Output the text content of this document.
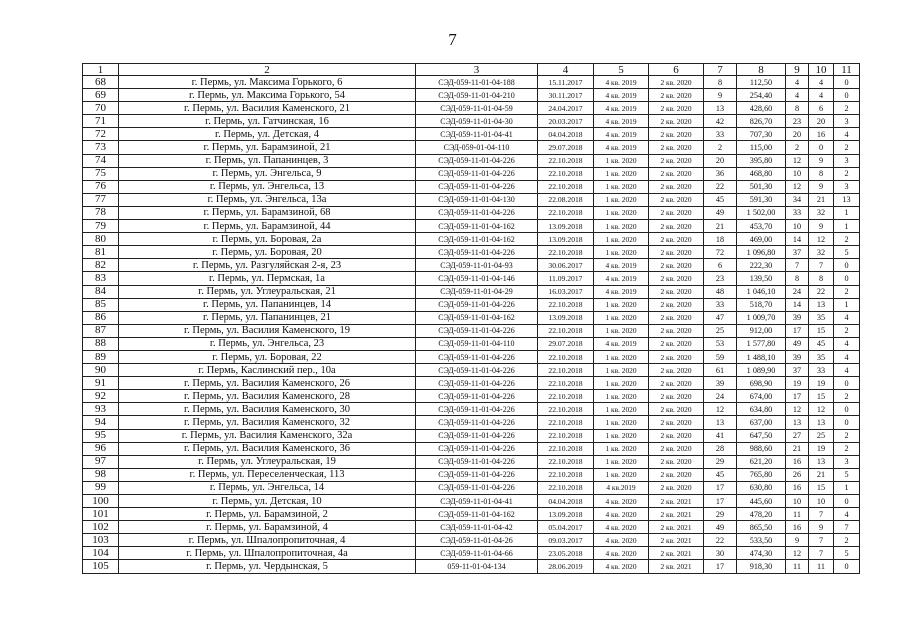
7
1	2	3	4	5	6	7	8	9	10	11
68	г. Пермь, ул. Максима Горького, 6	СЭД-059-11-01-04-188	15.11.2017	4 кв. 2019	2 кв. 2020	8	112,50	4	4	0
69	г. Пермь, ул. Максима Горького, 54	СЭД-059-11-01-04-210	30.11.2017	4 кв. 2019	2 кв. 2020	9	254,40	4	4	0
70	г. Пермь, ул. Василия Каменского, 21	СЭД-059-11-01-04-59	24.04.2017	4 кв. 2019	2 кв. 2020	13	428,60	8	6	2
71	г. Пермь, ул. Гатчинская, 16	СЭД-059-11-01-04-30	20.03.2017	4 кв. 2019	2 кв. 2020	42	826,70	23	20	3
72	г. Пермь, ул. Детская, 4	СЭД-059-11-01-04-41	04.04.2018	4 кв. 2019	2 кв. 2020	33	707,30	20	16	4
73	г. Пермь, ул. Барамзиной, 21	СЭД-059-01-04-110	29.07.2018	4 кв. 2019	2 кв. 2020	2	115,00	2	0	2
74	г. Пермь, ул. Папанинцев, 3	СЭД-059-11-01-04-226	22.10.2018	1 кв. 2020	2 кв. 2020	20	395,80	12	9	3
75	г. Пермь, ул. Энгельса, 9	СЭД-059-11-01-04-226	22.10.2018	1 кв. 2020	2 кв. 2020	36	468,80	10	8	2
76	г. Пермь, ул. Энгельса, 13	СЭД-059-11-01-04-226	22.10.2018	1 кв. 2020	2 кв. 2020	22	501,30	12	9	3
77	г. Пермь, ул. Энгельса, 13а	СЭД-059-11-01-04-130	22.08.2018	1 кв. 2020	2 кв. 2020	45	591,30	34	21	13
78	г. Пермь, ул. Барамзиной, 68	СЭД-059-11-01-04-226	22.10.2018	1 кв. 2020	2 кв. 2020	49	1 502,00	33	32	1
79	г. Пермь, ул. Барамзиной, 44	СЭД-059-11-01-04-162	13.09.2018	1 кв. 2020	2 кв. 2020	21	453,70	10	9	1
80	г. Пермь, ул. Боровая, 2а	СЭД-059-11-01-04-162	13.09.2018	1 кв. 2020	2 кв. 2020	18	469,00	14	12	2
81	г. Пермь, ул. Боровая, 20	СЭД-059-11-01-04-226	22.10.2018	1 кв. 2020	2 кв. 2020	72	1 096,80	37	32	5
82	г. Пермь, ул. Разгуляйская 2-я, 23	СЭД-059-11-01-04-93	30.06.2017	4 кв. 2019	2 кв. 2020	6	222,30	7	7	0
83	г. Пермь, ул. Пермская, 1а	СЭД-059-11-01-04-146	11.09.2017	4 кв. 2019	2 кв. 2020	23	139,50	8	8	0
84	г. Пермь, ул. Углеуральская, 21	СЭД-059-11-01-04-29	16.03.2017	4 кв. 2019	2 кв. 2020	48	1 046,10	24	22	2
85	г. Пермь, ул. Папанинцев, 14	СЭД-059-11-01-04-226	22.10.2018	1 кв. 2020	2 кв. 2020	33	518,70	14	13	1
86	г. Пермь, ул. Папанинцев, 21	СЭД-059-11-01-04-162	13.09.2018	1 кв. 2020	2 кв. 2020	47	1 009,70	39	35	4
87	г. Пермь, ул. Василия Каменского, 19	СЭД-059-11-01-04-226	22.10.2018	1 кв. 2020	2 кв. 2020	25	912,00	17	15	2
88	г. Пермь, ул. Энгельса, 23	СЭД-059-11-01-04-110	29.07.2018	4 кв. 2019	2 кв. 2020	53	1 577,80	49	45	4
89	г. Пермь, ул. Боровая, 22	СЭД-059-11-01-04-226	22.10.2018	1 кв. 2020	2 кв. 2020	59	1 488,10	39	35	4
90	г. Пермь, Каслинский пер., 10а	СЭД-059-11-01-04-226	22.10.2018	1 кв. 2020	2 кв. 2020	61	1 089,90	37	33	4
91	г. Пермь, ул. Василия Каменского, 26	СЭД-059-11-01-04-226	22.10.2018	1 кв. 2020	2 кв. 2020	39	698,90	19	19	0
92	г. Пермь, ул. Василия Каменского, 28	СЭД-059-11-01-04-226	22.10.2018	1 кв. 2020	2 кв. 2020	24	674,00	17	15	2
93	г. Пермь, ул. Василия Каменского, 30	СЭД-059-11-01-04-226	22.10.2018	1 кв. 2020	2 кв. 2020	12	634,80	12	12	0
94	г. Пермь, ул. Василия Каменского, 32	СЭД-059-11-01-04-226	22.10.2018	1 кв. 2020	2 кв. 2020	13	637,00	13	13	0
95	г. Пермь, ул. Василия Каменского, 32а	СЭД-059-11-01-04-226	22.10.2018	1 кв. 2020	2 кв. 2020	41	647,50	27	25	2
96	г. Пермь, ул. Василия Каменского, 36	СЭД-059-11-01-04-226	22.10.2018	1 кв. 2020	2 кв. 2020	28	988,60	21	19	2
97	г. Пермь, ул. Углеуральская, 19	СЭД-059-11-01-04-226	22.10.2018	1 кв. 2020	2 кв. 2020	29	621,20	16	13	3
98	г. Пермь, ул. Переселенческая, 113	СЭД-059-11-01-04-226	22.10.2018	1 кв. 2020	2 кв. 2020	45	765,80	26	21	5
99	г. Пермь, ул. Энгельса, 14	СЭД-059-11-01-04-226	22.10.2018	4 кв.2019	2 кв. 2020	17	630,80	16	15	1
100	г. Пермь, ул. Детская, 10	СЭД-059-11-01-04-41	04.04.2018	4 кв. 2020	2 кв. 2021	17	445,60	10	10	0
101	г. Пермь, ул. Барамзиной, 2	СЭД-059-11-01-04-162	13.09.2018	4 кв. 2020	2 кв. 2021	29	478,20	11	7	4
102	г. Пермь, ул. Барамзиной, 4	СЭД-059-11-01-04-42	05.04.2017	4 кв. 2020	2 кв. 2021	49	865,50	16	9	7
103	г. Пермь, ул. Шпалопропиточная, 4	СЭД-059-11-01-04-26	09.03.2017	4 кв. 2020	2 кв. 2021	22	533,50	9	7	2
104	г. Пермь, ул. Шпалопропиточная, 4а	СЭД-059-11-01-04-66	23.05.2018	4 кв. 2020	2 кв. 2021	30	474,30	12	7	5
105	г. Пермь, ул. Чердынская, 5	059-11-01-04-134	28.06.2019	4 кв. 2020	2 кв. 2021	17	918,30	11	11	0
